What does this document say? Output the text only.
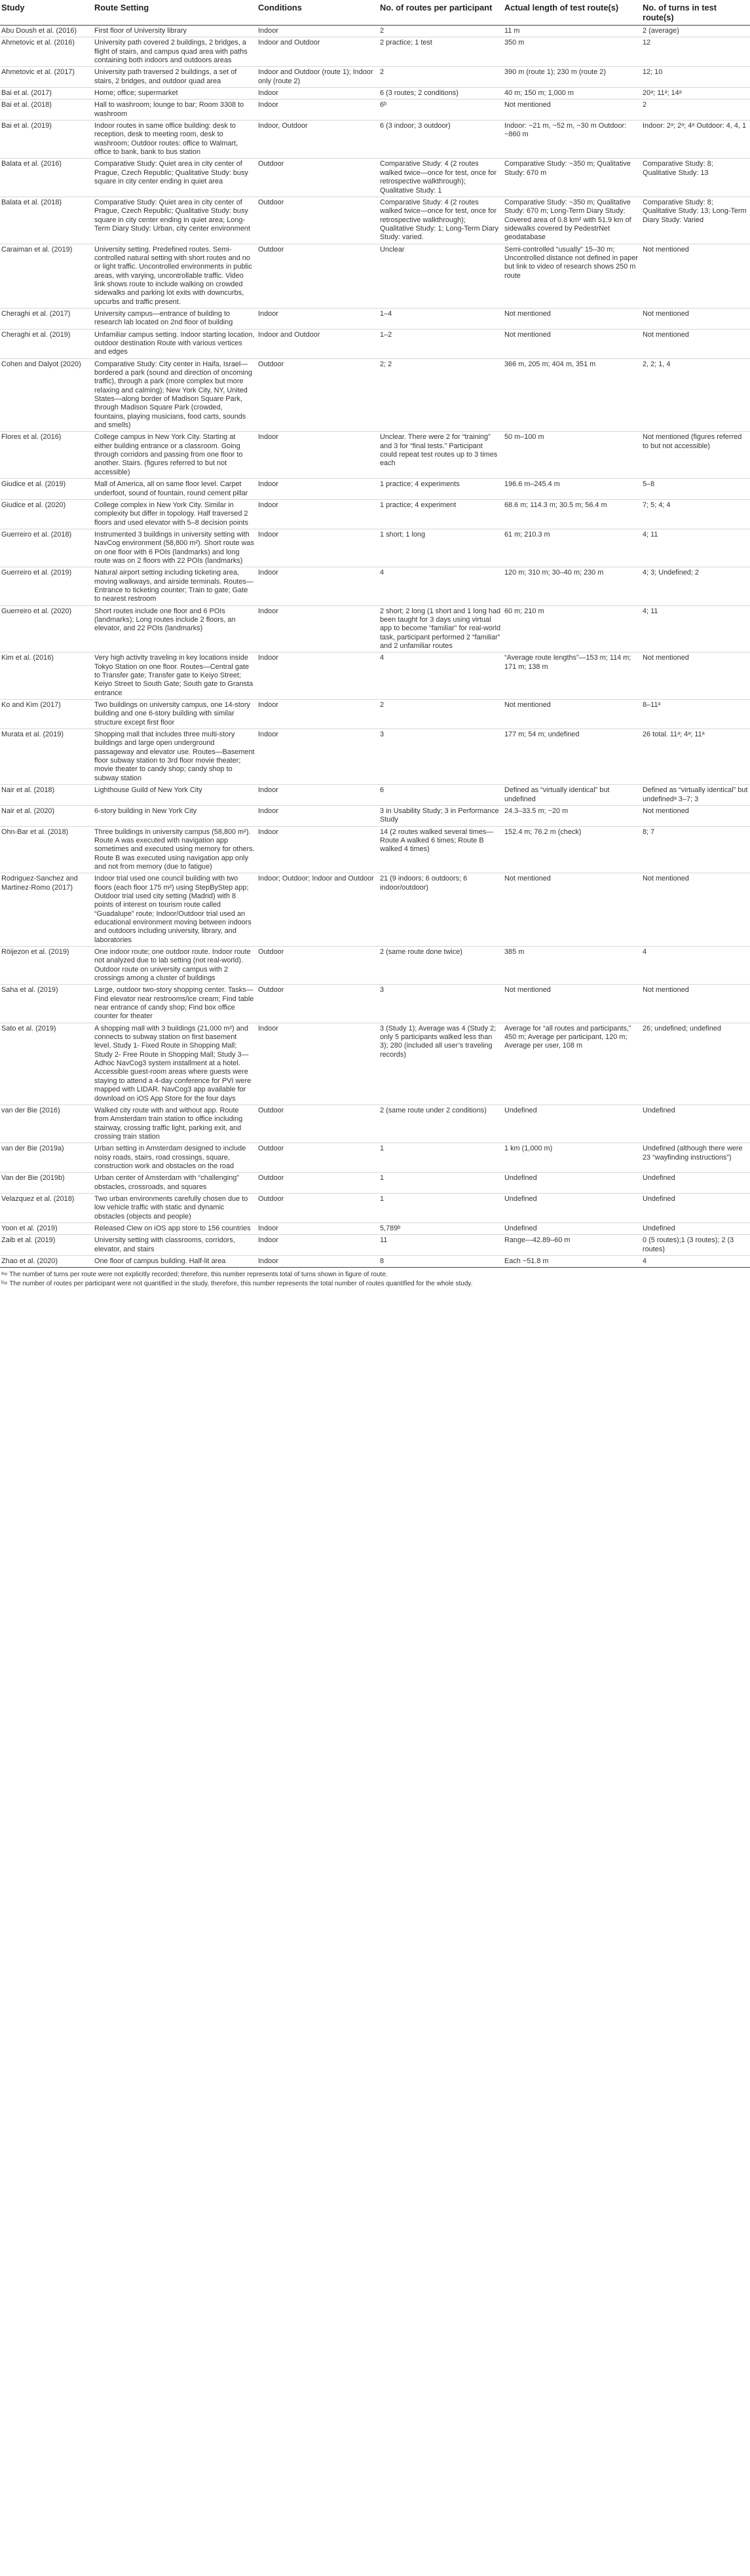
Study	Route Setting	Conditions	No. of routes per participant	Actual length of test route(s)	No. of turns in test route(s)
Abu Doush et al. (2016)	First floor of University library	Indoor	2	11 m	2 (average)
Ahmetovic et al. (2016)	University path covered 2 buildings, 2 bridges, a flight of stairs, and campus quad area with paths containing both indoors and outdoors areas	Indoor and Outdoor	2 practice; 1 test	350 m	12
Ahmetovic et al. (2017)	University path traversed 2 buildings, a set of stairs, 2 bridges, and outdoor quad area	Indoor and Outdoor (route 1); Indoor only (route 2)	2	390 m (route 1); 230 m (route 2)	12; 10
Bai et al. (2017)	Home; office; supermarket	Indoor	6 (3 routes; 2 conditions)	40 m; 150 m; 1,000 m	20ᵃ; 11ᵃ; 14ᵃ
Bai et al. (2018)	Hall to washroom; lounge to bar; Room 3308 to washroom	Indoor	6ᵇ	Not mentioned	2
Bai et al. (2019)	Indoor routes in same office building: desk to reception, desk to meeting room, desk to washroom; Outdoor routes: office to Walmart, office to bank, bank to bus station	Indoor, Outdoor	6 (3 indoor; 3 outdoor)	Indoor: ~21 m, ~52 m, ~30 m Outdoor: ~860 m	Indoor: 2ᵃ; 2ᵃ; 4ᵃ Outdoor: 4, 4, 1
Balata et al. (2016)	Comparative Study: Quiet area in city center of Prague, Czech Republic; Qualitative Study: busy square in city center ending in quiet area	Outdoor	Comparative Study: 4 (2 routes walked twice—once for test, once for retrospective walkthrough); Qualitative Study: 1	Comparative Study: ~350 m; Qualitative Study: 670 m	Comparative Study: 8; Qualitative Study: 13
Balata et al. (2018)	Comparative Study: Quiet area in city center of Prague, Czech Republic; Qualitative Study: busy square in city center ending in quiet area; Long-Term Diary Study: Urban, city center environment	Outdoor	Comparative Study: 4 (2 routes walked twice—once for test, once for retrospective walkthrough); Qualitative Study: 1; Long-Term Diary Study: varied.	Comparative Study: ~350 m; Qualitative Study: 670 m; Long-Term Diary Study: Covered area of 0.8 km² with 51.9 km of sidewalks covered by PedestrNet geodatabase	Comparative Study: 8; Qualitative Study: 13; Long-Term Diary Study: Varied
Caraiman et al. (2019)	University setting. Predefined routes. Semi-controlled natural setting with short routes and no or light traffic. Uncontrolled environments in public areas, with varying, uncontrollable traffic. Video link shows route to include walking on crowded sidewalks and parking lot exits with downcurbs, upcurbs and traffic present.	Outdoor	Unclear	Semi-controlled “usually” 15–30 m; Uncontrolled distance not defined in paper but link to video of research shows 250 m route	Not mentioned
Cheraghi et al. (2017)	University campus—entrance of building to research lab located on 2nd floor of building	Indoor	1–4	Not mentioned	Not mentioned
Cheraghi et al. (2019)	Unfamiliar campus setting. Indoor starting location, outdoor destination Route with various vertices and edges	Indoor and Outdoor	1–2	Not mentioned	Not mentioned
Cohen and Dalyot (2020)	Comparative Study: City center in Haifa, Israel—bordered a park (sound and direction of oncoming traffic), through a park (more complex but more relaxing and calming); New York City, NY, United States—along border of Madison Square Park, through Madison Square Park (crowded, fountains, playing musicians, food carts, sounds and smells)	Outdoor	2; 2	366 m, 205 m; 404 m, 351 m	2, 2; 1, 4
Flores et al. (2016)	College campus in New York City. Starting at either building entrance or a classroom. Going through corridors and passing from one floor to another. Stairs. (figures referred to but not accessible)	Indoor	Unclear. There were 2 for “training” and 3 for “final tests.” Participant could repeat test routes up to 3 times each	50 m–100 m	Not mentioned (figures referred to but not accessible)
Giudice et al. (2019)	Mall of America, all on same floor level. Carpet underfoot, sound of fountain, round cement pillar	Indoor	1 practice; 4 experiments	196.6 m–245.4 m	5–8
Giudice et al. (2020)	College complex in New York City. Similar in complexity but differ in topology. Half traversed 2 floors and used elevator with 5–8 decision points	Indoor	1 practice; 4 experiment	68.6 m; 114.3 m; 30.5 m; 56.4 m	7; 5; 4; 4
Guerreiro et al. (2018)	Instrumented 3 buildings in university setting with NavCog environment (58,800 m²). Short route was on one floor with 6 POIs (landmarks) and long route was on 2 floors with 22 POIs (landmarks)	Indoor	1 short; 1 long	61 m; 210.3 m	4; 11
Guerreiro et al. (2019)	Natural airport setting including ticketing area, moving walkways, and airside terminals. Routes—Entrance to ticketing counter; Train to gate; Gate to nearest restroom	Indoor	4	120 m; 310 m; 30–40 m; 230 m	4; 3; Undefined; 2
Guerreiro et al. (2020)	Short routes include one floor and 6 POIs (landmarks); Long routes include 2 floors, an elevator, and 22 POIs (landmarks)	Indoor	2 short; 2 long (1 short and 1 long had been taught for 3 days using virtual app to become “familiar” for real-world task, participant performed 2 “familiar” and 2 unfamiliar routes	60 m; 210 m	4; 11
Kim et al. (2016)	Very high activity traveling in key locations inside Tokyo Station on one floor. Routes—Central gate to Transfer gate; Transfer gate to Keiyo Street; Keiyo Street to South Gate; South gate to Gransta entrance	Indoor	4	“Average route lengths”—153 m; 114 m; 171 m; 138 m	Not mentioned
Ko and Kim (2017)	Two buildings on university campus, one 14-story building and one 6-story building with similar structure except first floor	Indoor	2	Not mentioned	8–11ᵃ
Murata et al. (2019)	Shopping mall that includes three multi-story buildings and large open underground passageway and elevator use. Routes—Basement floor subway station to 3rd floor movie theater; movie theater to candy shop; candy shop to subway station	Indoor	3	177 m; 54 m; undefined	26 total. 11ᵃ; 4ᵃ; 11ᵃ
Nair et al. (2018)	Lighthouse Guild of New York City	Indoor	6	Defined as “virtually identical” but undefined	Defined as “virtually identical” but undefinedᵃ 3–7; 3
Nair et al. (2020)	6-story building in New York City	Indoor	3 in Usability Study; 3 in Performance Study	24.3–33.5 m; ~20 m	Not mentioned
Ohn-Bar et al. (2018)	Three buildings in university campus (58,800 m²). Route A was executed with navigation app sometimes and executed using memory for others. Route B was executed using navigation app only and not from memory (due to fatigue)	Indoor	14 (2 routes walked several times—Route A walked 6 times; Route B walked 4 times)	152.4 m; 76.2 m (check)	8; 7
Rodriguez-Sanchez and Martinez-Romo (2017)	Indoor trial used one council building with two floors (each floor 175 m²) using StepByStep app; Outdoor trial used city setting (Madrid) with 8 points of interest on tourism route called “Guadalupe” route; Indoor/Outdoor trial used an educational environment moving between indoors and outdoors including university, library, and laboratories	Indoor; Outdoor; Indoor and Outdoor	21 (9 indoors; 6 outdoors; 6 indoor/outdoor)	Not mentioned	Not mentioned
Röijezon et al. (2019)	One indoor route; one outdoor route. Indoor route not analyzed due to lab setting (not real-world). Outdoor route on university campus with 2 crossings among a cluster of buildings	Outdoor	2 (same route done twice)	385 m	4
Saha et al. (2019)	Large, outdoor two-story shopping center. Tasks—Find elevator near restrooms/ice cream; Find table near entrance of candy shop; Find box office counter for theater	Outdoor	3	Not mentioned	Not mentioned
Sato et al. (2019)	A shopping mall with 3 buildings (21,000 m²) and connects to subway station on first basement level. Study 1- Fixed Route in Shopping Mall; Study 2- Free Route in Shopping Mall; Study 3—Adhoc NavCog3 system installment at a hotel. Accessible guest-room areas where guests were staying to attend a 4-day conference for PVI were mapped with LIDAR. NavCog3 app available for download on iOS App Store for the four days	Indoor	3 (Study 1); Average was 4 (Study 2; only 5 participants walked less than 3); 280 (included all user’s traveling records)	Average for “all routes and participants,” 450 m; Average per participant, 120 m; Average per user, 108 m	26; undefined; undefined
van der Bie (2016)	Walked city route with and without app. Route from Amsterdam train station to office including stairway, crossing traffic light, parking exit, and crossing train station	Outdoor	2 (same route under 2 conditions)	Undefined	Undefined
van der Bie (2019a)	Urban setting in Amsterdam designed to include noisy roads, stairs, road crossings, square, construction work and obstacles on the road	Outdoor	1	1 km (1,000 m)	Undefined (although there were 23 “wayfinding instructions”)
Van der Bie (2019b)	Urban center of Amsterdam with “challenging” obstacles, crossroads, and squares	Outdoor	1	Undefined	Undefined
Velazquez et al. (2018)	Two urban environments carefully chosen due to low vehicle traffic with static and dynamic obstacles (objects and people)	Outdoor	1	Undefined	Undefined
Yoon et al. (2019)	Released Clew on iOS app store to 156 countries	Indoor	5,789ᵇ	Undefined	Undefined
Zaib et al. (2019)	University setting with classrooms, corridors, elevator, and stairs	Indoor	11	Range—42.89–60 m	0 (5 routes);1 (3 routes); 2 (3 routes)
Zhao et al. (2020)	One floor of campus building. Half-lit area	Indoor	8	Each ~51.8 m	4
ᵃ= The number of turns per route were not explicitly recorded; therefore, this number represents total of turns shown in figure of route.
ᵇ= The number of routes per participant were not quantified in the study, therefore, this number represents the total number of routes quantified for the whole study.
